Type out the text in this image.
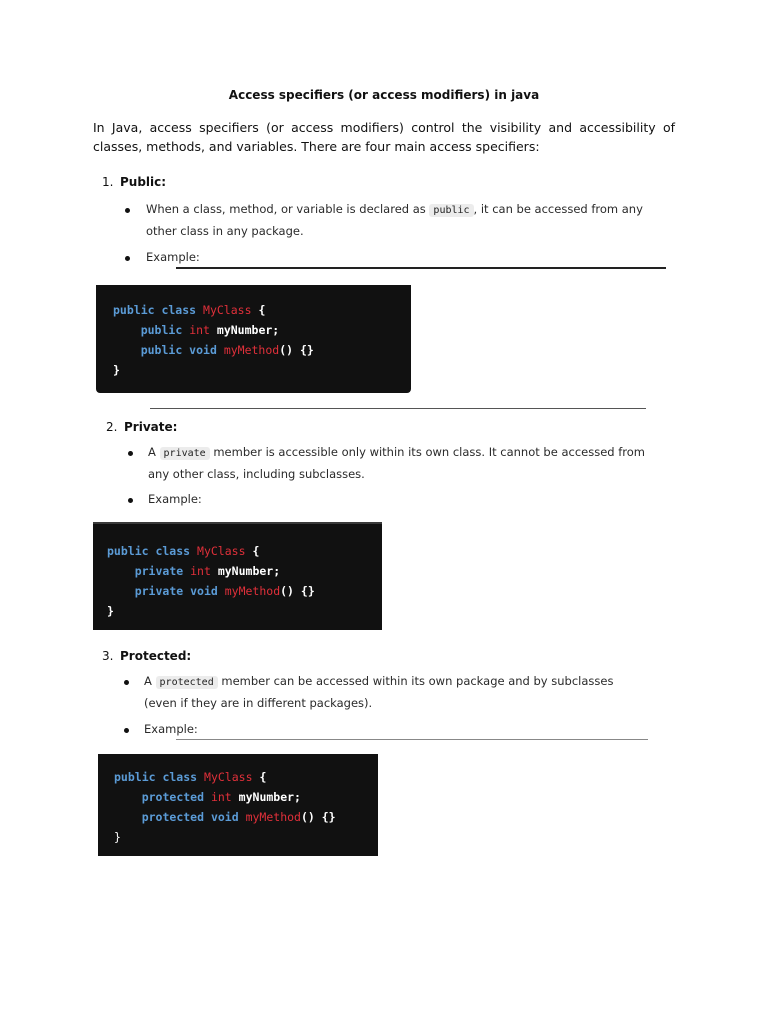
Access specifiers (or access modifiers) in java
In Java, access specifiers (or access modifiers) control the visibility and accessibility of classes, methods, and variables. There are four main access specifiers:
1. Public:
When a class, method, or variable is declared as public , it can be accessed from any other class in any package.
Example:
public class MyClass {
public int myNumber;
public void myMethod() {}
}
2. Private:
A private member is accessible only within its own class. It cannot be accessed from any other class, including subclasses.
Example:
public class MyClass {
private int myNumber;
private void myMethod() {}
}
3. Protected:
A protected member can be accessed within its own package and by subclasses (even if they are in different packages).
Example:
public class MyClass {
protected int myNumber;
protected void myMethod() {}
}
